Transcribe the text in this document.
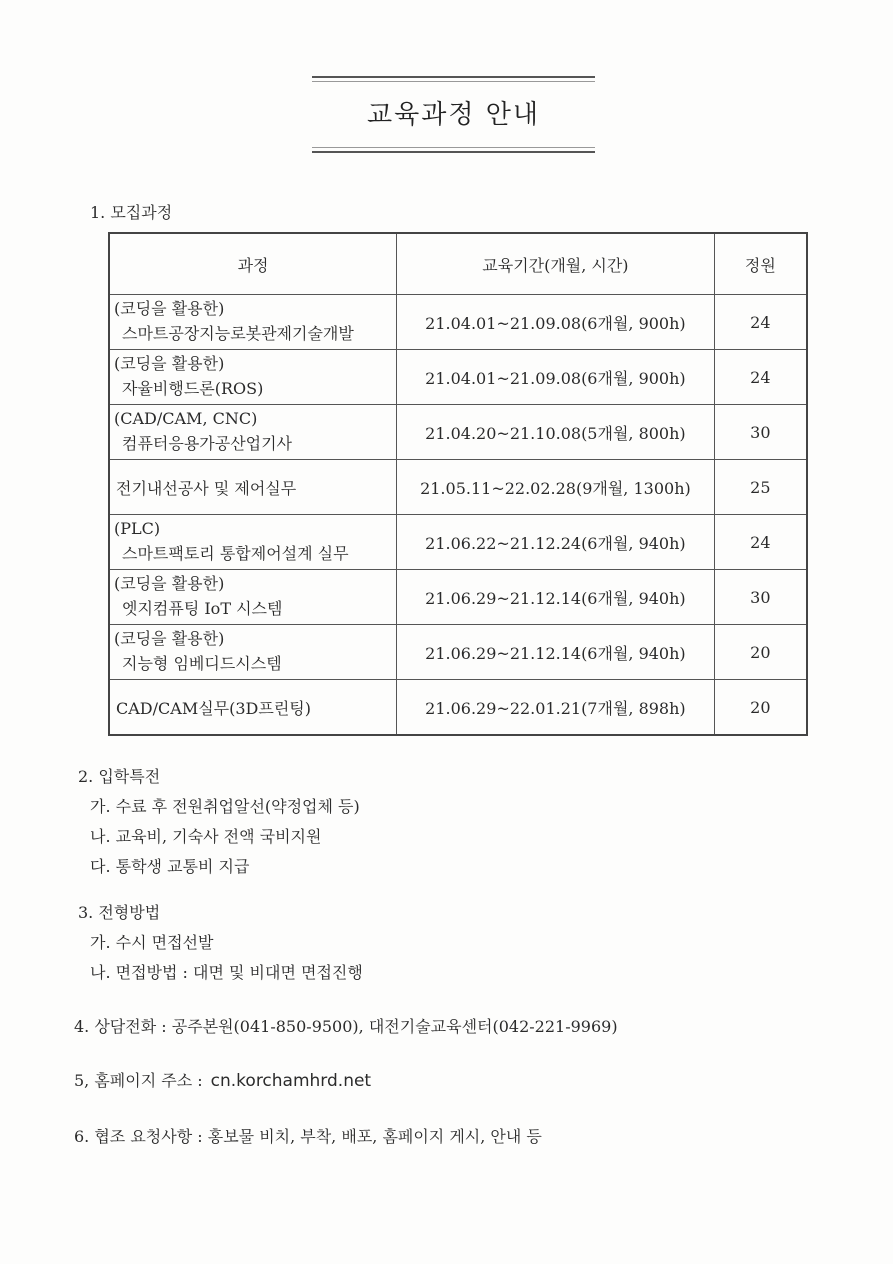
교육과정 안내
1. 모집과정
과정	교육기간(개월, 시간)	정원

(코딩을 활용한)
스마트공장지능로봇관제기술개발	21.04.01~21.09.08(6개월, 900h)	24

(코딩을 활용한)
자율비행드론(ROS)	21.04.01~21.09.08(6개월, 900h)	24

(CAD/CAM, CNC)
컴퓨터응용가공산업기사	21.04.20~21.10.08(5개월, 800h)	30

전기내선공사 및 제어실무	21.05.11~22.02.28(9개월, 1300h)	25

(PLC)
스마트팩토리 통합제어설계 실무	21.06.22~21.12.24(6개월, 940h)	24

(코딩을 활용한)
엣지컴퓨팅 IoT 시스템	21.06.29~21.12.14(6개월, 940h)	30

(코딩을 활용한)
지능형 임베디드시스템	21.06.29~21.12.14(6개월, 940h)	20

CAD/CAM실무(3D프린팅)	21.06.29~22.01.21(7개월, 898h)	20
2. 입학특전
가. 수료 후 전원취업알선(약정업체 등)
나. 교육비, 기숙사 전액 국비지원
다. 통학생 교통비 지급
3. 전형방법
가. 수시 면접선발
나. 면접방법 : 대면 및 비대면 면접진행
4. 상담전화 : 공주본원(041-850-9500), 대전기술교육센터(042-221-9969)
5, 홈페이지 주소 : cn.korchamhrd.net
6. 협조 요청사항 : 홍보물 비치, 부착, 배포, 홈페이지 게시, 안내 등
